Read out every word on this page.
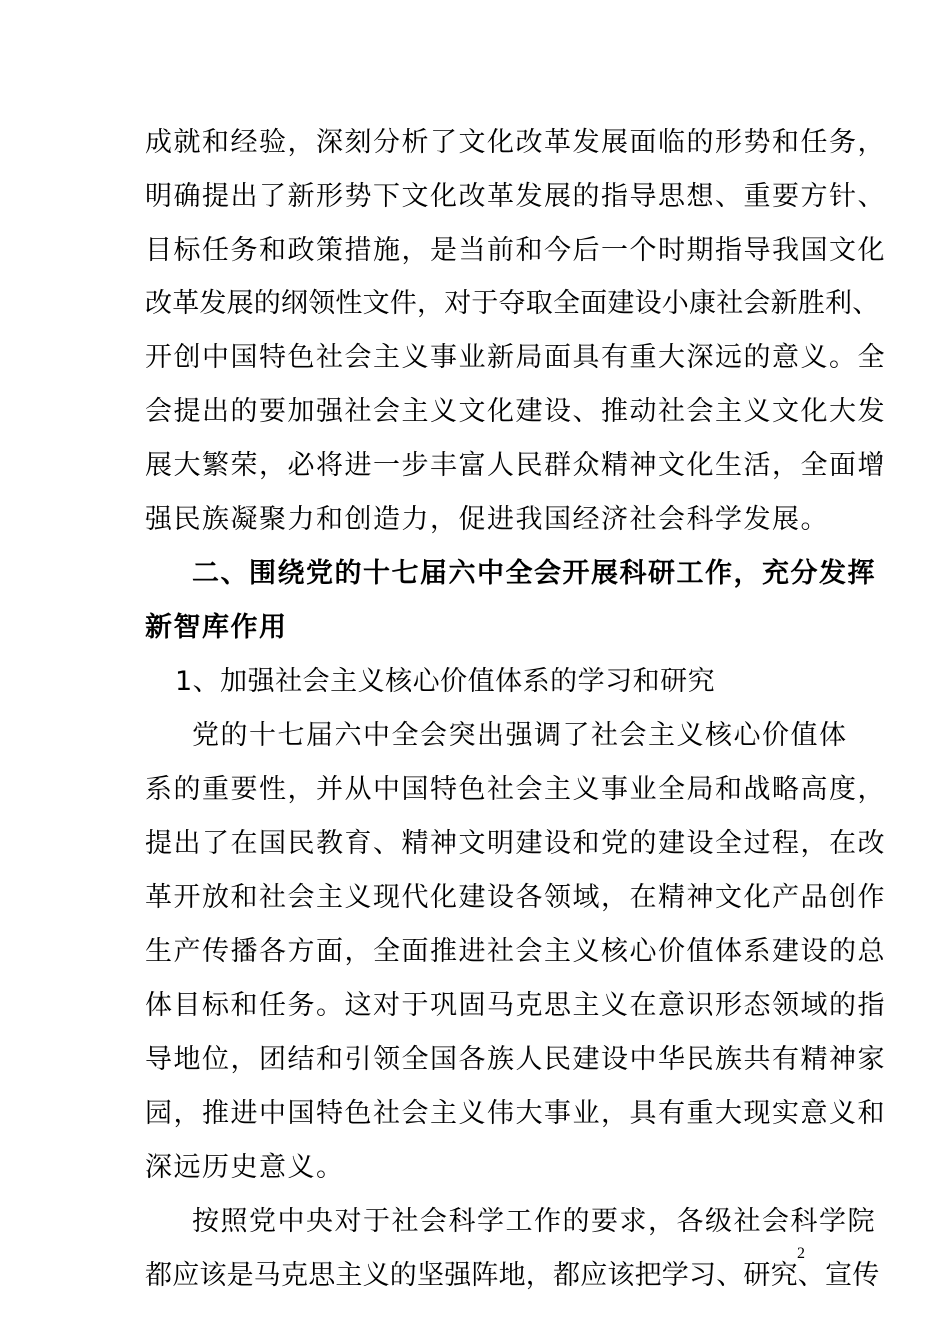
成就和经验，深刻分析了文化改革发展面临的形势和任务，
明确提出了新形势下文化改革发展的指导思想、重要方针、
目标任务和政策措施，是当前和今后一个时期指导我国文化
改革发展的纲领性文件，对于夺取全面建设小康社会新胜利、
开创中国特色社会主义事业新局面具有重大深远的意义。全
会提出的要加强社会主义文化建设、推动社会主义文化大发
展大繁荣，必将进一步丰富人民群众精神文化生活，全面增
强民族凝聚力和创造力，促进我国经济社会科学发展。
二、围绕党的十七届六中全会开展科研工作，充分发挥
新智库作用
1、加强社会主义核心价值体系的学习和研究
党的十七届六中全会突出强调了社会主义核心价值体
系的重要性，并从中国特色社会主义事业全局和战略高度，
提出了在国民教育、精神文明建设和党的建设全过程，在改
革开放和社会主义现代化建设各领域，在精神文化产品创作
生产传播各方面，全面推进社会主义核心价值体系建设的总
体目标和任务。这对于巩固马克思主义在意识形态领域的指
导地位，团结和引领全国各族人民建设中华民族共有精神家
园，推进中国特色社会主义伟大事业，具有重大现实意义和
深远历史意义。
按照党中央对于社会科学工作的要求，各级社会科学院
都应该是马克思主义的坚强阵地，都应该把学习、研究、宣传
2
